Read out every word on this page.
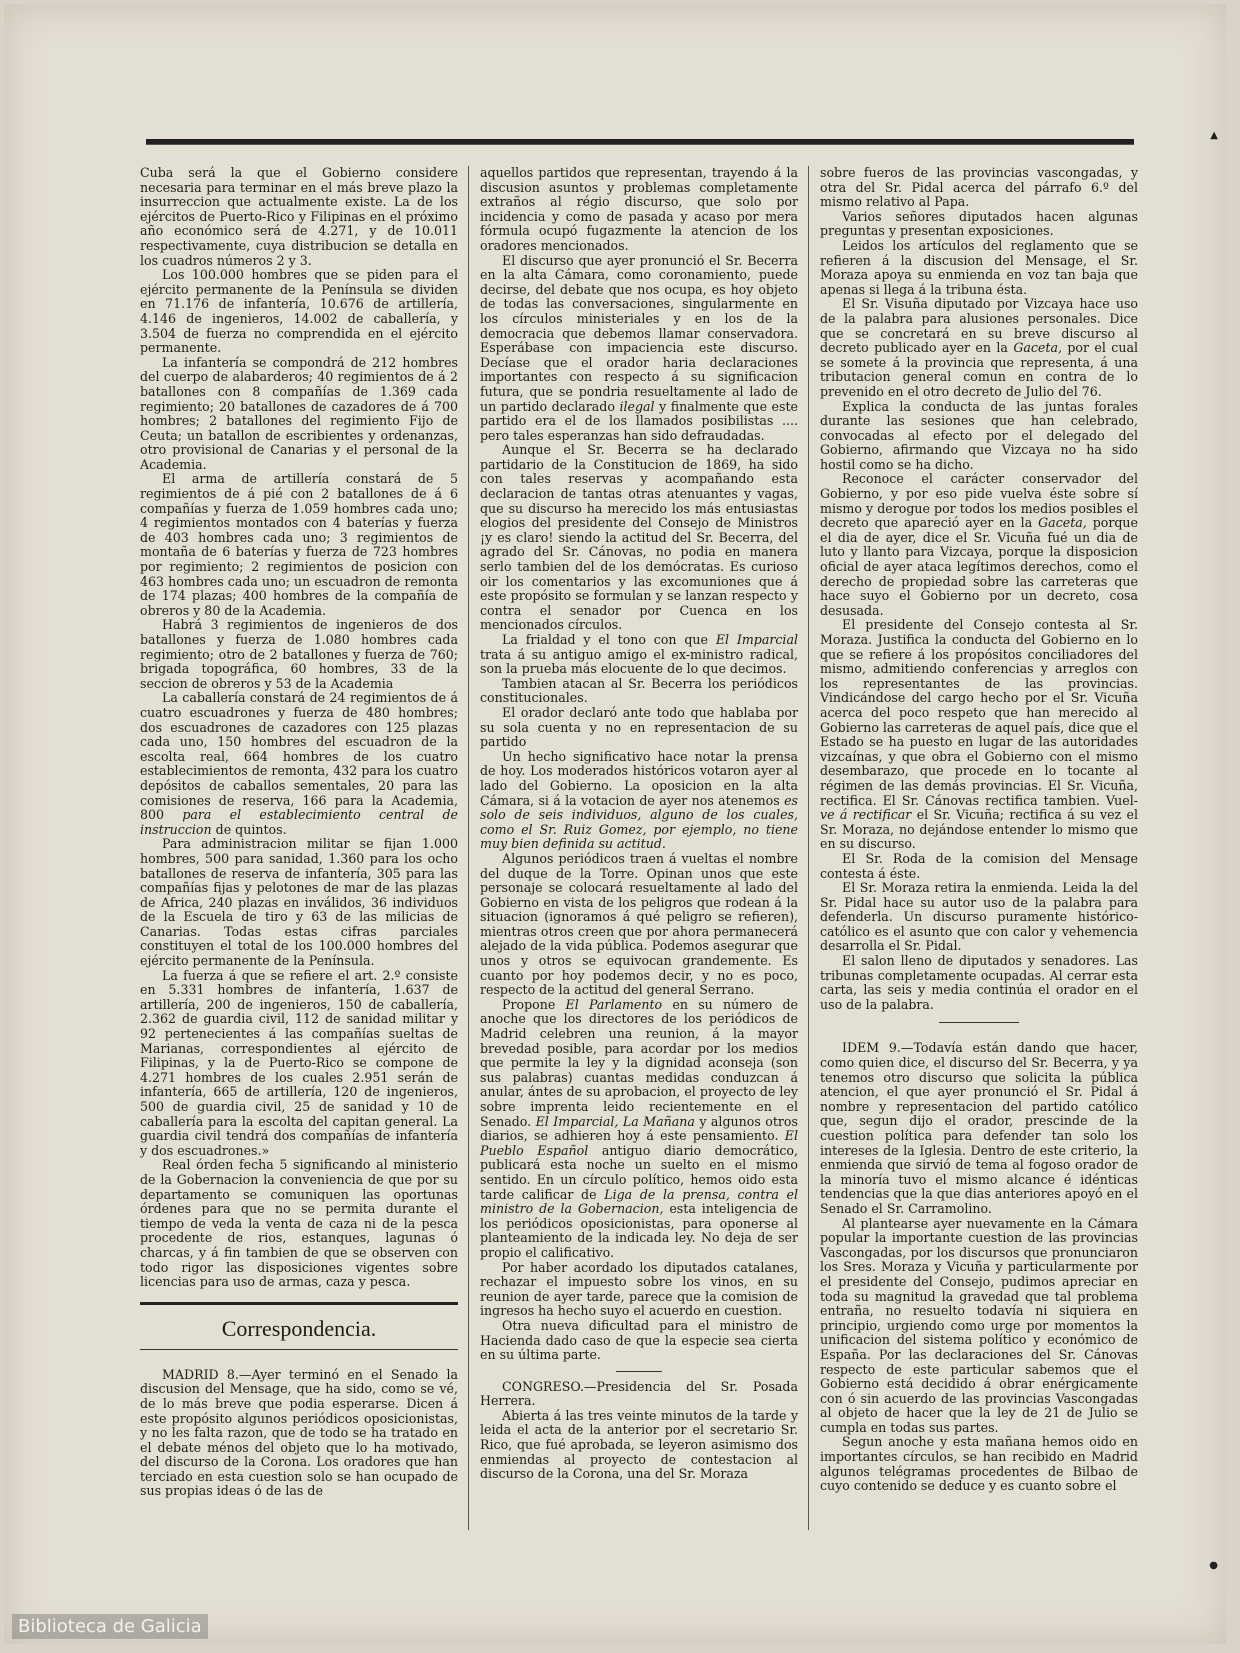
Cuba será la que el Gobierno considere necesaria para terminar en el más breve plazo la insurreccion que actualmente existe. La de los ejércitos de Puerto-Rico y Filipinas en el próximo año económico será de 4.271, y de 10.011 respectivamente, cuya distribucion se detalla en los cuadros números 2 y 3.

Los 100.000 hombres que se piden para el ejército permanente de la Península se dividen en 71.176 de infantería, 10.676 de artillería, 4.146 de ingenieros, 14.002 de caballería, y 3.504 de fuerza no comprendida en el ejército permanente.

La infantería se compondrá de 212 hombres del cuerpo de alabarderos; 40 regimientos de á 2 batallones con 8 compañías de 1.369 cada regimiento; 20 batallones de cazadores de á 700 hombres; 2 batallones del regimiento Fijo de Ceuta; un batallon de escribientes y ordenanzas, otro provisional de Canarias y el personal de la Academia.

El arma de artillería constará de 5 regimientos de á pié con 2 batallones de á 6 compañías y fuerza de 1.059 hombres cada uno; 4 regimientos montados con 4 baterías y fuerza de 403 hombres cada uno; 3 regimientos de montaña de 6 baterías y fuerza de 723 hombres por regimiento; 2 regimientos de posicion con 463 hombres cada uno; un escuadron de remonta de 174 plazas; 400 hombres de la compañía de obreros y 80 de la Academia.

Habrá 3 regimientos de ingenieros de dos batallones y fuerza de 1.080 hombres cada regimiento; otro de 2 batallones y fuerza de 760; brigada topográfica, 60 hombres, 33 de la seccion de obreros y 53 de la Academia

La caballería constará de 24 regimientos de á cuatro escuadrones y fuerza de 480 hombres; dos escuadrones de cazadores con 125 plazas cada uno, 150 hombres del escuadron de la escolta real, 664 hombres de los cuatro establecimientos de remonta, 432 para los cuatro depósitos de caballos sementales, 20 para las comisiones de reserva, 166 para la Academia, 800 para el establecimiento central de instruccion de quintos.

Para administracion militar se fijan 1.000 hombres, 500 para sanidad, 1.360 para los ocho batallones de reserva de infantería, 305 para las compañías fijas y pelotones de mar de las plazas de Africa, 240 plazas en inválidos, 36 individuos de la Escuela de tiro y 63 de las milicias de Canarias. Todas estas cifras parciales constituyen el total de los 100.000 hombres del ejército permanente de la Península.

La fuerza á que se refiere el art. 2.º consiste en 5.331 hombres de infantería, 1.637 de artillería, 200 de ingenieros, 150 de caballería, 2.362 de guardia civil, 112 de sanidad militar y 92 pertenecientes á las compañías sueltas de Marianas, correspondientes al ejército de Filipinas, y la de Puerto-Rico se compone de 4.271 hombres de los cuales 2.951 serán de infantería, 665 de artillería, 120 de ingenieros, 500 de guardia civil, 25 de sanidad y 10 de caballería para la escolta del capitan general. La guardia civil tendrá dos compañías de infantería y dos escuadrones.»

Real órden fecha 5 significando al ministerio de la Gobernacion la conveniencia de que por su departamento se comuniquen las oportunas órdenes para que no se permita durante el tiempo de veda la venta de caza ni de la pesca procedente de rios, estanques, lagunas ó charcas, y á fin tambien de que se observen con todo rigor las disposiciones vigentes sobre licencias para uso de armas, caza y pesca.

Correspondencia.

MADRID 8.—Ayer terminó en el Senado la discusion del Mensage, que ha sido, como se vé, de lo más breve que podia esperarse. Dicen á este propósito algunos periódicos oposicionistas, y no les falta razon, que de todo se ha tratado en el debate ménos del objeto que lo ha motivado, del discurso de la Corona. Los oradores que han terciado en esta cuestion solo se han ocupado de sus propias ideas ó de las de

aquellos partidos que representan, trayendo á la discusion asuntos y problemas completamente extraños al régio discurso, que solo por incidencia y como de pasada y acaso por mera fórmula ocupó fugazmente la atencion de los oradores mencionados.

El discurso que ayer pronunció el Sr. Becerra en la alta Cámara, como coronamiento, puede decirse, del debate que nos ocupa, es hoy objeto de todas las conversaciones, singularmente en los círculos ministeriales y en los de la democracia que debemos llamar conservadora. Esperábase con impaciencia este discurso. Decíase que el orador haria declaraciones importantes con respecto á su significacion futura, que se pondria resueltamente al lado de un partido declarado ilegal y finalmente que este partido era el de los llamados posibilistas .... pero tales esperanzas han sido defraudadas.

Aunque el Sr. Becerra se ha declarado partidario de la Constitucion de 1869, ha sido con tales reservas y acompañando esta declaracion de tantas otras atenuantes y vagas, que su discurso ha merecido los más entusiastas elogios del presidente del Consejo de Ministros ¡y es claro! siendo la actitud del Sr. Becerra, del agrado del Sr. Cánovas, no podia en manera serlo tambien del de los demócratas. Es curioso oir los comentarios y las excomuniones que á este propósito se formulan y se lanzan respecto y contra el senador por Cuenca en los mencionados círculos.

La frialdad y el tono con que El Imparcial trata á su antiguo amigo el ex-ministro radical, son la prueba más elocuente de lo que decimos.

Tambien atacan al Sr. Becerra los periódicos constitucionales.

El orador declaró ante todo que hablaba por su sola cuenta y no en representacion de su partido

Un hecho significativo hace notar la prensa de hoy. Los moderados históricos votaron ayer al lado del Gobierno. La oposicion en la alta Cámara, si á la votacion de ayer nos atenemos es solo de seis individuos, alguno de los cuales, como el Sr. Ruiz Gomez, por ejemplo, no tiene muy bien definida su actitud.

Algunos periódicos traen á vueltas el nombre del duque de la Torre. Opinan unos que este personaje se colocará resueltamente al lado del Gobierno en vista de los peligros que rodean á la situacion (ignoramos á qué peligro se refieren), mientras otros creen que por ahora permanecerá alejado de la vida pública. Podemos asegurar que unos y otros se equivocan grandemente. Es cuanto por hoy podemos decir, y no es poco, respecto de la actitud del general Serrano.

Propone El Parlamento en su número de anoche que los directores de los periódicos de Madrid celebren una reunion, á la mayor brevedad posible, para acordar por los medios que permite la ley y la dignidad aconseja (son sus palabras) cuantas medidas conduzcan á anular, ántes de su aprobacion, el proyecto de ley sobre imprenta leido recientemente en el Senado. El Imparcial, La Mañana y algunos otros diarios, se adhieren hoy á este pensamiento. El Pueblo Español antiguo diario democrático, publicará esta noche un suelto en el mismo sentido. En un círculo político, hemos oido esta tarde calificar de Liga de la prensa, contra el ministro de la Gobernacion, esta inteligencia de los periódicos oposicionistas, para oponerse al planteamiento de la indicada ley. No deja de ser propio el calificativo.

Por haber acordado los diputados catalanes, rechazar el impuesto sobre los vinos, en su reunion de ayer tarde, parece que la comision de ingresos ha hecho suyo el acuerdo en cuestion.

Otra nueva dificultad para el ministro de Hacienda dado caso de que la especie sea cierta en su última parte.

CONGRESO.—Presidencia del Sr. Posada Herrera.

Abierta á las tres veinte minutos de la tarde y leida el acta de la anterior por el secretario Sr. Rico, que fué aprobada, se leyeron asimismo dos enmiendas al proyecto de contestacion al discurso de la Corona, una del Sr. Moraza

sobre fueros de las provincias vascongadas, y otra del Sr. Pidal acerca del párrafo 6.º del mismo relativo al Papa.

Varios señores diputados hacen algunas preguntas y presentan exposiciones.

Leidos los artículos del reglamento que se refieren á la discusion del Mensage, el Sr. Moraza apoya su enmienda en voz tan baja que apenas si llega á la tribuna ésta.

El Sr. Visuña diputado por Vizcaya hace uso de la palabra para alusiones personales. Dice que se concretará en su breve discurso al decreto publicado ayer en la Gaceta, por el cual se somete á la provincia que representa, á una tributacion general comun en contra de lo prevenido en el otro decreto de Julio del 76.

Explica la conducta de las juntas forales durante las sesiones que han celebrado, convocadas al efecto por el delegado del Gobierno, afirmando que Vizcaya no ha sido hostil como se ha dicho.

Reconoce el carácter conservador del Gobierno, y por eso pide vuelva éste sobre sí mismo y derogue por todos los medios posibles el decreto que apareció ayer en la Gaceta, porque el dia de ayer, dice el Sr. Vicuña fué un dia de luto y llanto para Vizcaya, porque la disposicion oficial de ayer ataca legítimos derechos, como el derecho de propiedad sobre las carreteras que hace suyo el Gobierno por un decreto, cosa desusada.

El presidente del Consejo contesta al Sr. Moraza. Justifica la conducta del Gobierno en lo que se refiere á los propósitos conciliadores del mismo, admitiendo conferencias y arreglos con los representantes de las provincias. Vindicándose del cargo hecho por el Sr. Vicuña acerca del poco respeto que han merecido al Gobierno las carreteras de aquel país, dice que el Estado se ha puesto en lugar de las autoridades vizcaínas, y que obra el Gobierno con el mismo desembarazo, que procede en lo tocante al régimen de las demás provincias. El Sr. Vicuña, rectifica. El Sr. Cánovas rectifica tambien. Vuel- ve á rectificar el Sr. Vicuña; rectifica á su vez el Sr. Moraza, no dejándose entender lo mismo que en su discurso.

El Sr. Roda de la comision del Mensage contesta á éste.

El Sr. Moraza retira la enmienda. Leida la del Sr. Pidal hace su autor uso de la palabra para defenderla. Un discurso puramente histórico-católico es el asunto que con calor y vehemencia desarrolla el Sr. Pidal.

El salon lleno de diputados y senadores. Las tribunas completamente ocupadas. Al cerrar esta carta, las seis y media continúa el orador en el uso de la palabra.

IDEM 9.—Todavía están dando que hacer, como quien dice, el discurso del Sr. Becerra, y ya tenemos otro discurso que solicita la pública atencion, el que ayer pronunció el Sr. Pidal á nombre y representacion del partido católico que, segun dijo el orador, prescinde de la cuestion política para defender tan solo los intereses de la Iglesia. Dentro de este criterio, la enmienda que sirvió de tema al fogoso orador de la minoría tuvo el mismo alcance é idénticas tendencias que la que dias anteriores apoyó en el Senado el Sr. Carramolino.

Al plantearse ayer nuevamente en la Cámara popular la importante cuestion de las provincias Vascongadas, por los discursos que pronunciaron los Sres. Moraza y Vicuña y particularmente por el presidente del Consejo, pudimos apreciar en toda su magnitud la gravedad que tal problema entraña, no resuelto todavía ni siquiera en principio, urgiendo como urge por momentos la unificacion del sistema político y económico de España. Por las declaraciones del Sr. Cánovas respecto de este particular sabemos que el Gobierno está decidido á obrar enérgicamente con ó sin acuerdo de las provincias Vascongadas al objeto de hacer que la ley de 21 de Julio se cumpla en todas sus partes.

Segun anoche y esta mañana hemos oido en importantes círculos, se han recibido en Madrid algunos telégramas procedentes de Bilbao de cuyo contenido se deduce y es cuanto sobre el

▲
●
Biblioteca de Galicia
